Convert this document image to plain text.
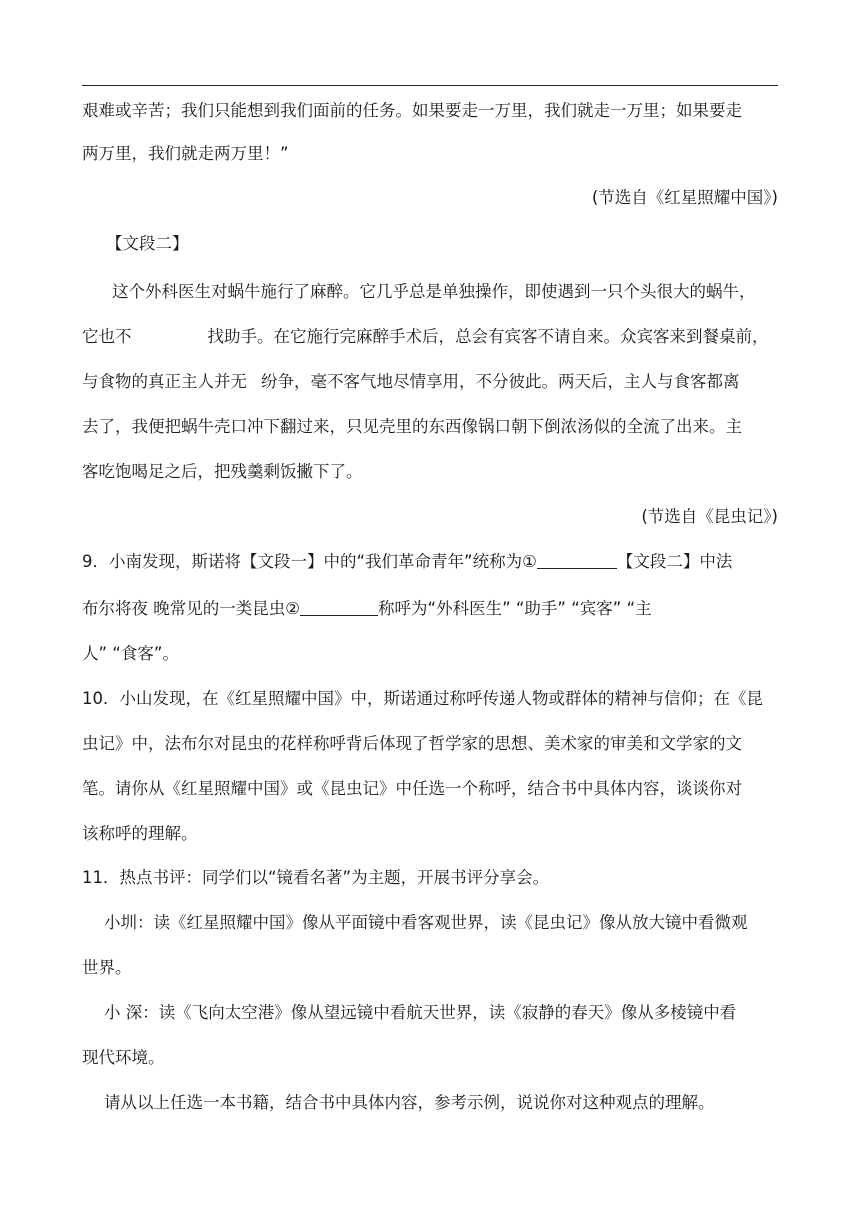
艰难或辛苦；我们只能想到我们面前的任务。如果要走一万里，我们就走一万里；如果要走
两万里，我们就走两万里！”
(节选自《红星照耀中国》)
【文段二】
这个外科医生对蜗牛施行了麻醉。它几乎总是单独操作，即使遇到一只个头很大的蜗牛，
它也不	找助手。在它施行完麻醉手术后，总会有宾客不请自来。众宾客来到餐桌前，
与食物的真正主人并无 纷争，毫不客气地尽情享用，不分彼此。两天后，主人与食客都离
去了，我便把蜗牛壳口冲下翻过来，只见壳里的东西像锅口朝下倒浓汤似的全流了出来。主
客吃饱喝足之后，把残羹剩饭撇下了。
(节选自《昆虫记》)
9．小南发现，斯诺将【文段一】中的“我们革命青年”统称为①	【文段二】中法
布尔将夜 晚常见的一类昆虫②	称呼为“外科医生” “助手” “宾客” “主
人” “食客”。
10．小山发现，在《红星照耀中国》中，斯诺通过称呼传递人物或群体的精神与信仰；在《昆
虫记》中，法布尔对昆虫的花样称呼背后体现了哲学家的思想、美术家的审美和文学家的文
笔。请你从《红星照耀中国》或《昆虫记》中任选一个称呼，结合书中具体内容，谈谈你对
该称呼的理解。
11．热点书评：同学们以“镜看名著”为主题，开展书评分享会。
小圳：读《红星照耀中国》像从平面镜中看客观世界，读《昆虫记》像从放大镜中看微观
世界。
小 深：读《飞向太空港》像从望远镜中看航天世界，读《寂静的春天》像从多棱镜中看
现代环境。
请从以上任选一本书籍，结合书中具体内容，参考示例，说说你对这种观点的理解。
